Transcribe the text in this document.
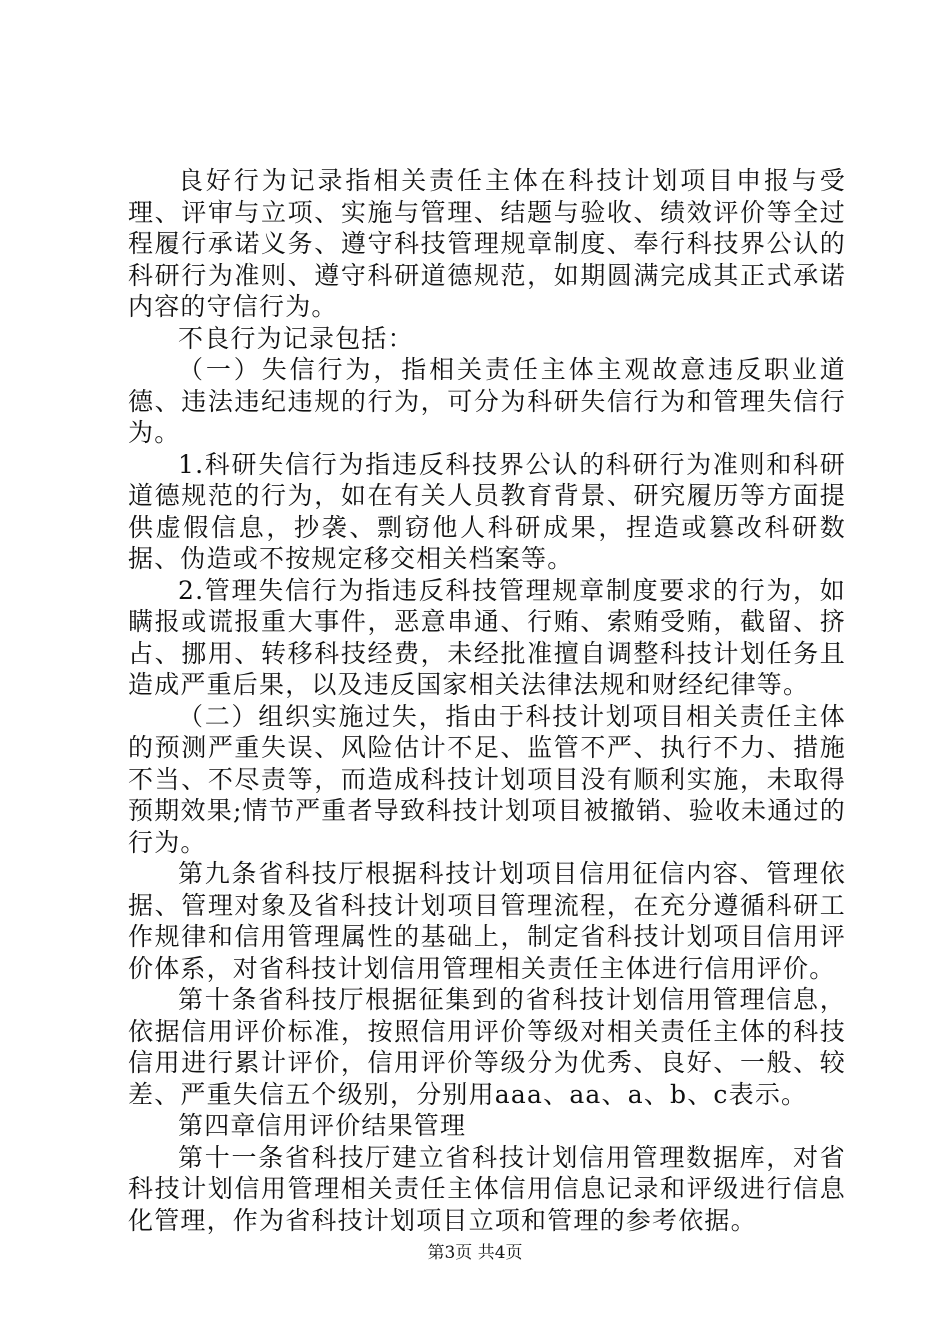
良好行为记录指相关责任主体在科技计划项目申报与受理、评审与立项、实施与管理、结题与验收、绩效评价等全过程履行承诺义务、遵守科技管理规章制度、奉行科技界公认的科研行为准则、遵守科研道德规范，如期圆满完成其正式承诺内容的守信行为。

不良行为记录包括：

（一）失信行为，指相关责任主体主观故意违反职业道德、违法违纪违规的行为，可分为科研失信行为和管理失信行为。

1.科研失信行为指违反科技界公认的科研行为准则和科研道德规范的行为，如在有关人员教育背景、研究履历等方面提供虚假信息，抄袭、剽窃他人科研成果，捏造或篡改科研数据、伪造或不按规定移交相关档案等。

2.管理失信行为指违反科技管理规章制度要求的行为，如瞒报或谎报重大事件，恶意串通、行贿、索贿受贿，截留、挤占、挪用、转移科技经费，未经批准擅自调整科技计划任务且造成严重后果，以及违反国家相关法律法规和财经纪律等。

（二）组织实施过失，指由于科技计划项目相关责任主体的预测严重失误、风险估计不足、监管不严、执行不力、措施不当、不尽责等，而造成科技计划项目没有顺利实施，未取得预期效果;情节严重者导致科技计划项目被撤销、验收未通过的行为。

第九条省科技厅根据科技计划项目信用征信内容、管理依据、管理对象及省科技计划项目管理流程，在充分遵循科研工作规律和信用管理属性的基础上，制定省科技计划项目信用评价体系，对省科技计划信用管理相关责任主体进行信用评价。

第十条省科技厅根据征集到的省科技计划信用管理信息，依据信用评价标准，按照信用评价等级对相关责任主体的科技信用进行累计评价，信用评价等级分为优秀、良好、一般、较差、严重失信五个级别，分别用aaa、aa、a、b、c表示。

第四章信用评价结果管理

第十一条省科技厅建立省科技计划信用管理数据库，对省科技计划信用管理相关责任主体信用信息记录和评级进行信息化管理，作为省科技计划项目立项和管理的参考依据。

第3页 共4页
